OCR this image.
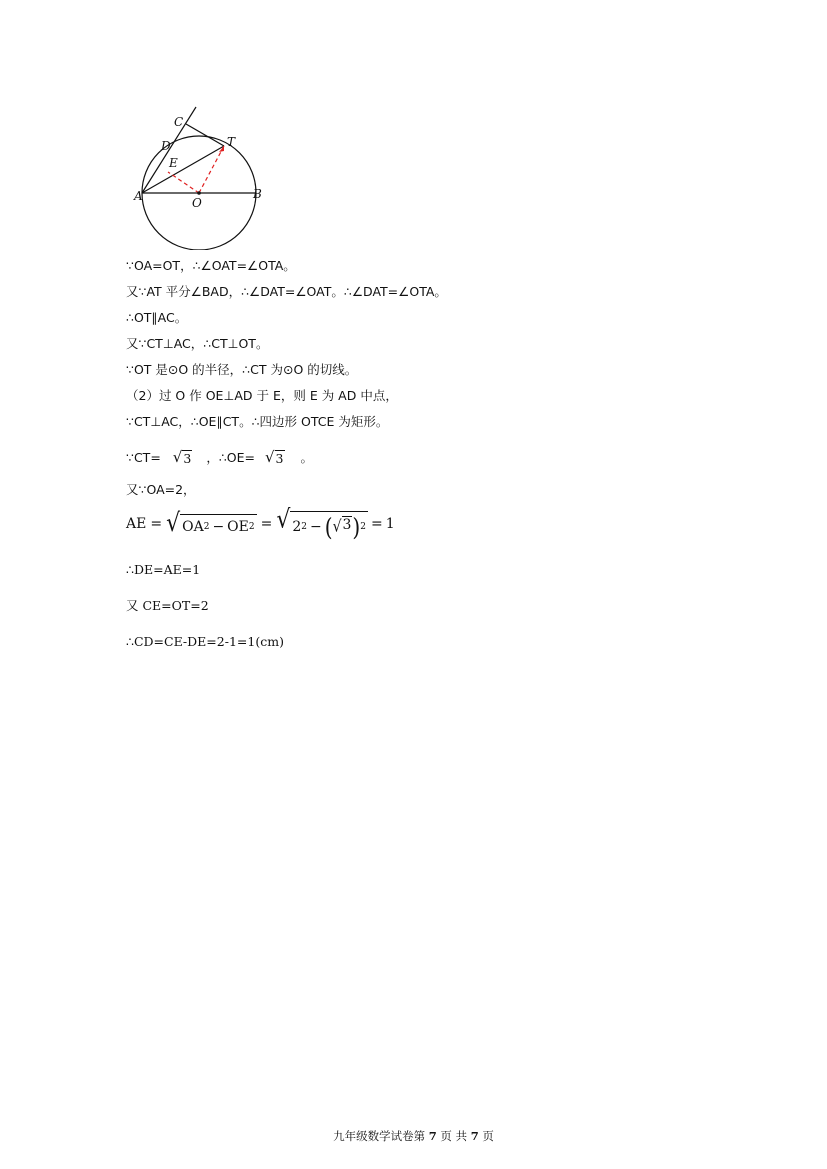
C
D	T
E
A	O
B
∵OA=OT，∴∠OAT=∠OTA。
又∵AT 平分∠BAD，∴∠DAT=∠OAT。∴∠DAT=∠OTA。
∴OT∥AC。
又∵CT⊥AC，∴CT⊥OT。
∵OT 是⊙O 的半径，∴CT 为⊙O 的切线。
（2）过 O 作 OE⊥AD 于 E，则 E 为 AD 中点，
∵CT⊥AC，∴OE∥CT。∴四边形 OTCE 为矩形。
∵CT= √ 3 ，∴OE= √ 3 。
又∵OA=2，
AE = √ OA 2 − OE 2 = √ 2 2 − ( √ 3 ) 2 = 1
∴DE=AE=1
又 CE=OT=2
∴CD=CE-DE=2-1=1(cm)
九年级数学试卷第 7 页 共 7 页
